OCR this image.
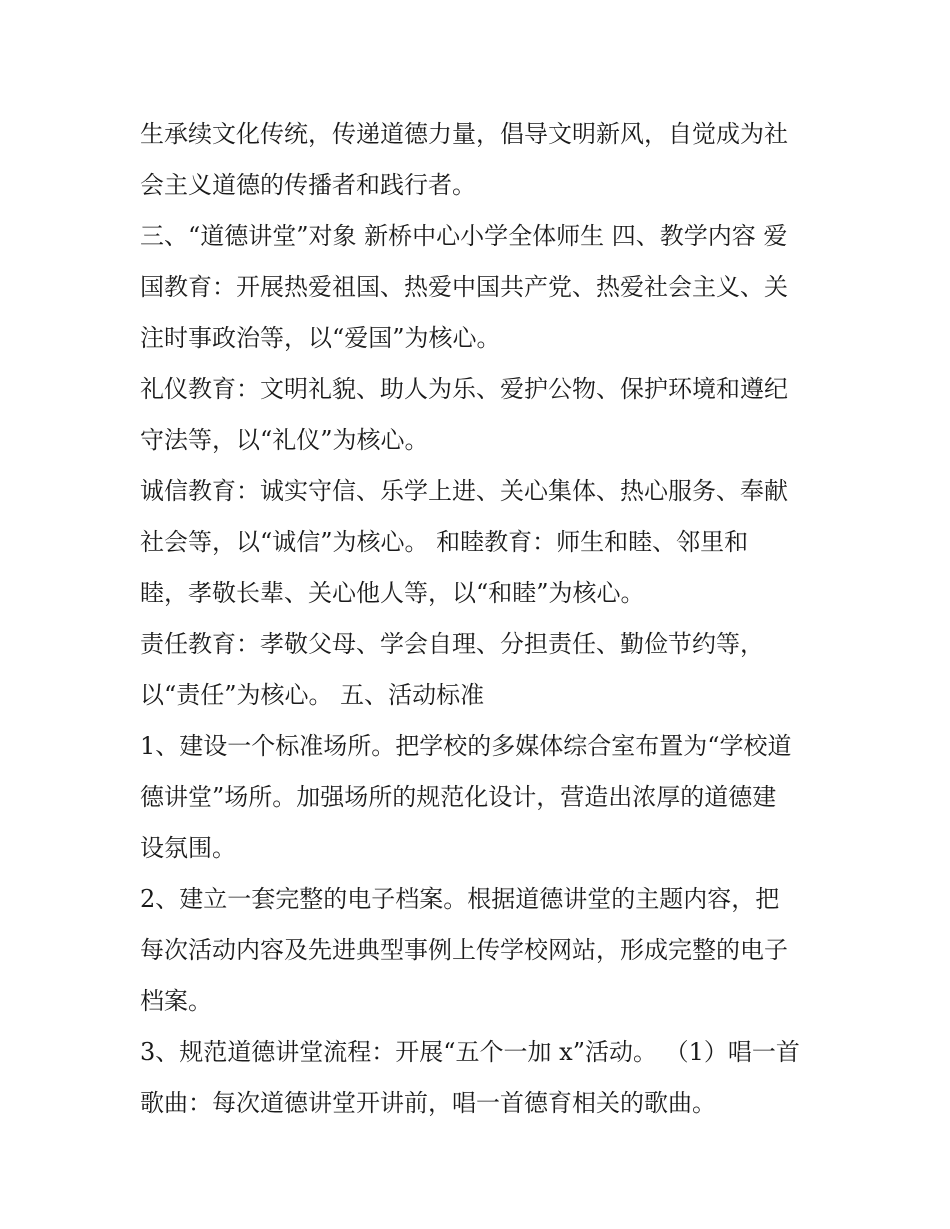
生承续文化传统，传递道德力量，倡导文明新风，自觉成为社
会主义道德的传播者和践行者。
三、“道德讲堂”对象 新桥中心小学全体师生 四、教学内容 爱
国教育：开展热爱祖国、热爱中国共产党、热爱社会主义、关
注时事政治等，以“爱国”为核心。
礼仪教育：文明礼貌、助人为乐、爱护公物、保护环境和遵纪
守法等，以“礼仪”为核心。
诚信教育：诚实守信、乐学上进、关心集体、热心服务、奉献
社会等，以“诚信”为核心。 和睦教育：师生和睦、邻里和
睦，孝敬长辈、关心他人等，以“和睦”为核心。
责任教育：孝敬父母、学会自理、分担责任、勤俭节约等，
以“责任”为核心。 五、活动标准
1、建设一个标准场所。把学校的多媒体综合室布置为“学校道
德讲堂”场所。加强场所的规范化设计，营造出浓厚的道德建
设氛围。
2、建立一套完整的电子档案。根据道德讲堂的主题内容，把
每次活动内容及先进典型事例上传学校网站，形成完整的电子
档案。
3、规范道德讲堂流程：开展“五个一加 x”活动。 （1）唱一首
歌曲：每次道德讲堂开讲前，唱一首德育相关的歌曲。
